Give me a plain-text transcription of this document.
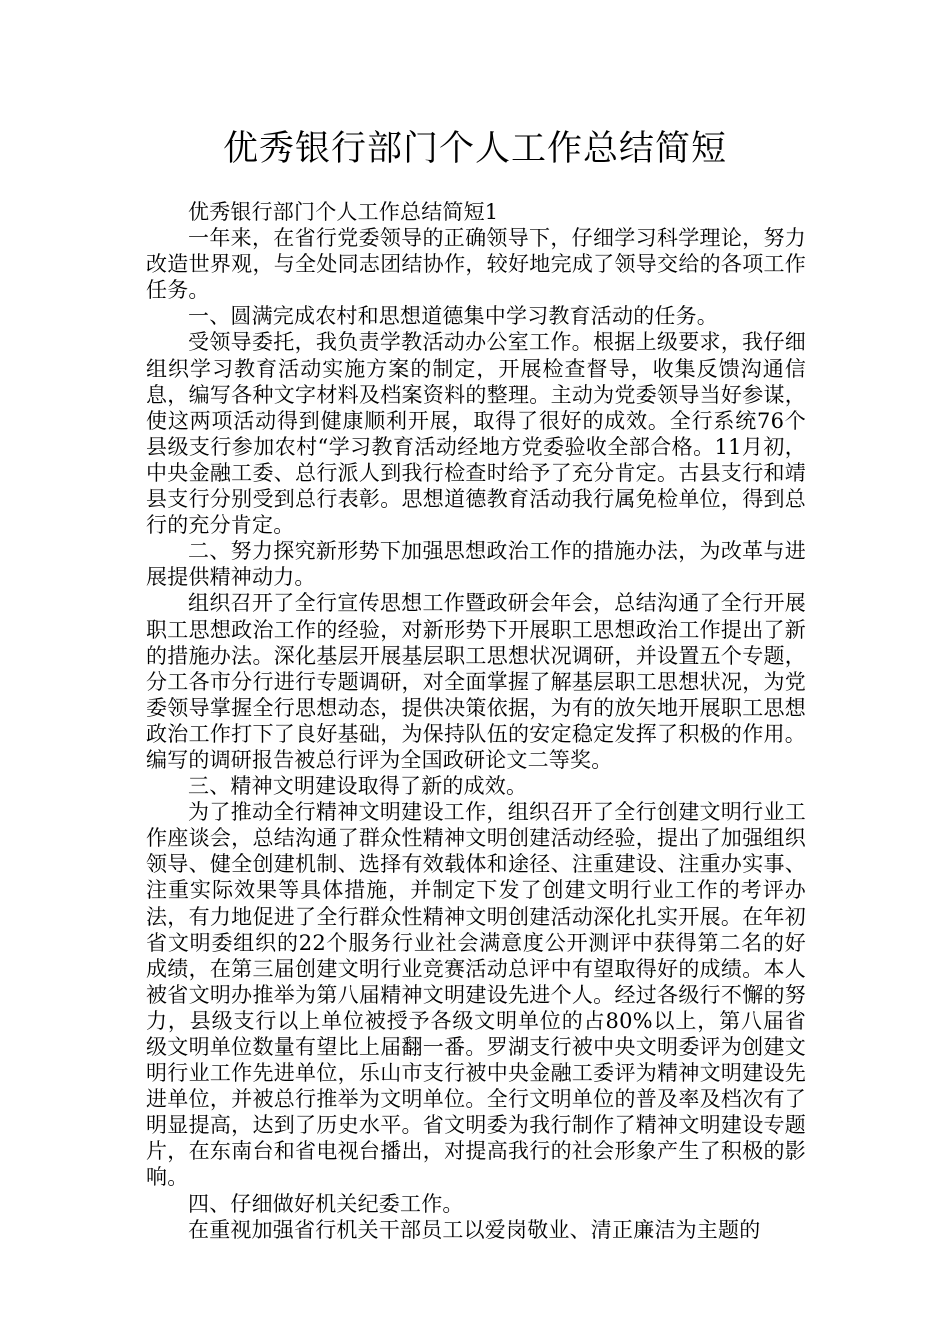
优秀银行部门个人工作总结简短

优秀银行部门个人工作总结简短1

一年来，在省行党委领导的正确领导下，仔细学习科学理论，努力改造世界观，与全处同志团结协作，较好地完成了领导交给的各项工作任务。

一、圆满完成农村和思想道德集中学习教育活动的任务。

受领导委托，我负责学教活动办公室工作。根据上级要求，我仔细组织学习教育活动实施方案的制定，开展检查督导，收集反馈沟通信息，编写各种文字材料及档案资料的整理。主动为党委领导当好参谋，使这两项活动得到健康顺利开展，取得了很好的成效。全行系统76个县级支行参加农村“学习教育活动经地方党委验收全部合格。11月初，中央金融工委、总行派人到我行检查时给予了充分肯定。古县支行和靖县支行分别受到总行表彰。思想道德教育活动我行属免检单位，得到总行的充分肯定。

二、努力探究新形势下加强思想政治工作的措施办法，为改革与进展提供精神动力。

组织召开了全行宣传思想工作暨政研会年会，总结沟通了全行开展职工思想政治工作的经验，对新形势下开展职工思想政治工作提出了新的措施办法。深化基层开展基层职工思想状况调研，并设置五个专题，分工各市分行进行专题调研，对全面掌握了解基层职工思想状况，为党委领导掌握全行思想动态，提供决策依据，为有的放矢地开展职工思想政治工作打下了良好基础，为保持队伍的安定稳定发挥了积极的作用。编写的调研报告被总行评为全国政研论文二等奖。

三、精神文明建设取得了新的成效。

为了推动全行精神文明建设工作，组织召开了全行创建文明行业工作座谈会，总结沟通了群众性精神文明创建活动经验，提出了加强组织领导、健全创建机制、选择有效载体和途径、注重建设、注重办实事、注重实际效果等具体措施，并制定下发了创建文明行业工作的考评办法，有力地促进了全行群众性精神文明创建活动深化扎实开展。在年初省文明委组织的22个服务行业社会满意度公开测评中获得第二名的好成绩，在第三届创建文明行业竞赛活动总评中有望取得好的成绩。本人被省文明办推举为第八届精神文明建设先进个人。经过各级行不懈的努力，县级支行以上单位被授予各级文明单位的占80%以上，第八届省级文明单位数量有望比上届翻一番。罗湖支行被中央文明委评为创建文明行业工作先进单位，乐山市支行被中央金融工委评为精神文明建设先进单位，并被总行推举为文明单位。全行文明单位的普及率及档次有了明显提高，达到了历史水平。省文明委为我行制作了精神文明建设专题片，在东南台和省电视台播出，对提高我行的社会形象产生了积极的影响。

四、仔细做好机关纪委工作。

在重视加强省行机关干部员工以爱岗敬业、清正廉洁为主题的
